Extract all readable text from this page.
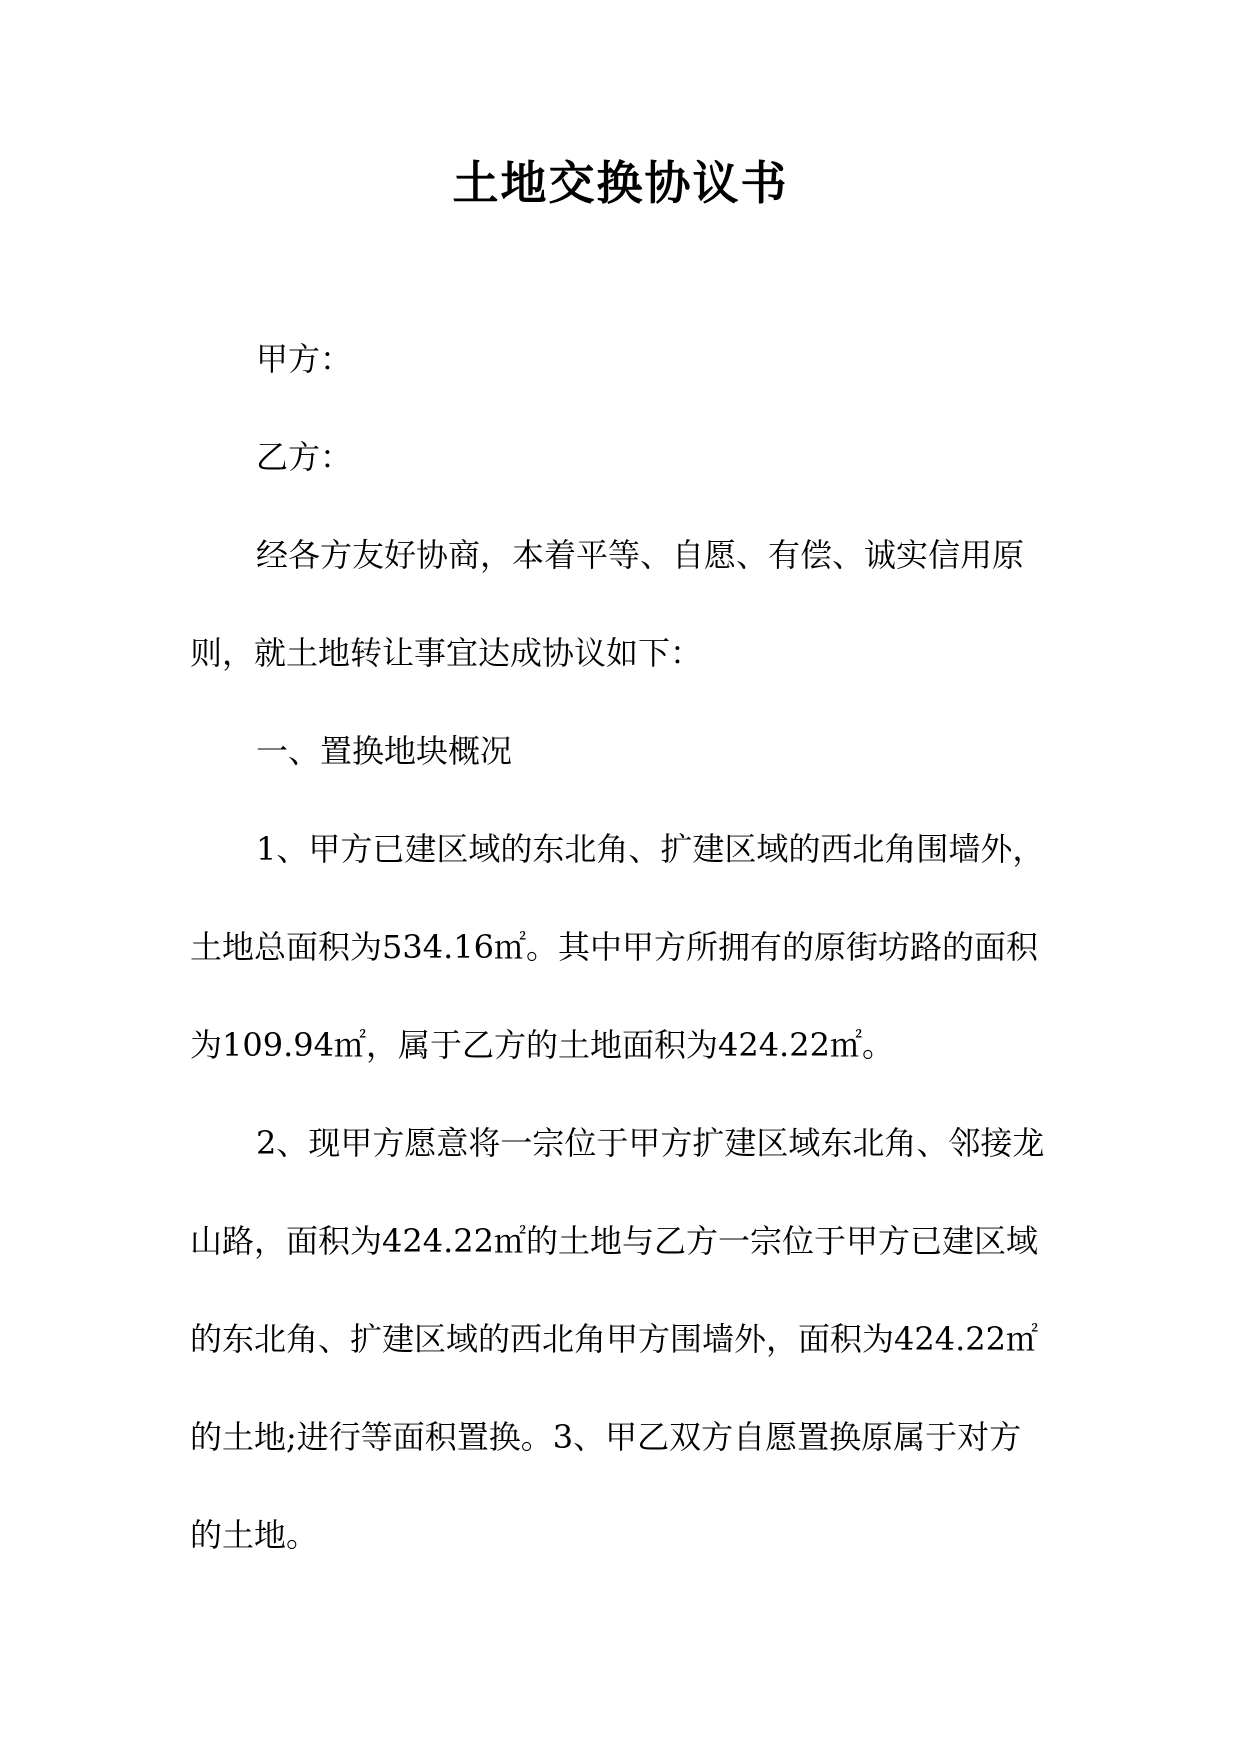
土地交换协议书

甲方：

乙方：

经各方友好协商，本着平等、自愿、有偿、诚实信用原则，就土地转让事宜达成协议如下：

一、置换地块概况

1、甲方已建区域的东北角、扩建区域的西北角围墙外，土地总面积为534.16㎡。其中甲方所拥有的原街坊路的面积为109.94㎡，属于乙方的土地面积为424.22㎡。

2、现甲方愿意将一宗位于甲方扩建区域东北角、邻接龙山路，面积为424.22㎡的土地与乙方一宗位于甲方已建区域的东北角、扩建区域的西北角甲方围墙外，面积为424.22㎡的土地;进行等面积置换。3、甲乙双方自愿置换原属于对方的土地。
